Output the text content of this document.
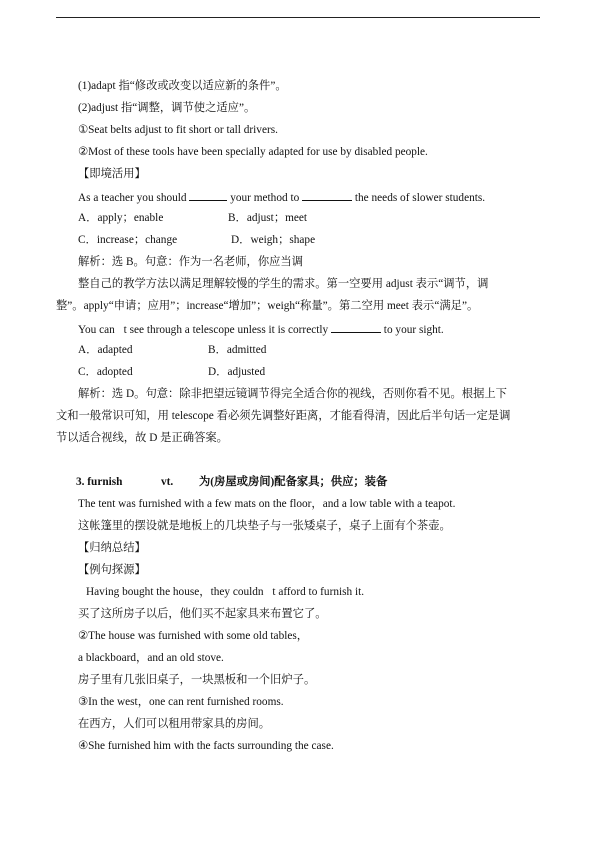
(1)adapt 指“修改或改变以适应新的条件”。
(2)adjust 指“调整，调节使之适应”。
①Seat belts adjust to fit short or tall drivers.
②Most of these tools have been specially adapted for use by disabled people.
【即境活用】
As a teacher you should	your method to	the needs of slower students.
A．apply；enable	B．adjust；meet
C．increase；change	D．weigh；shape
解析：选 B。句意：作为一名老师，你应当调
整自己的教学方法以满足理解较慢的学生的需求。第一空要用 adjust 表示“调节，调
整”。apply“申请；应用”；increase“增加”；weigh“称量”。第二空用 meet 表示“满足”。
You can t see through a telescope unless it is correctly	to your sight.
A．adapted	B．admitted
C．adopted	D．adjusted
解析：选 D。句意：除非把望远镜调节得完全适合你的视线，否则你看不见。根据上下
文和一般常识可知，用 telescope 看必须先调整好距离，才能看得清，因此后半句话一定是调
节以适合视线，故 D 是正确答案。
3. furnish	vt. 为(房屋或房间)配备家具；供应；装备
The tent was furnished with a few mats on the floor，and a low table with a teapot.
这帐篷里的摆设就是地板上的几块垫子与一张矮桌子，桌子上面有个茶壶。
【归纳总结】
【例句探源】
Having bought the house，they couldn t afford to furnish it.
买了这所房子以后，他们买不起家具来布置它了。
②The house was furnished with some old tables，
a blackboard，and an old stove.
房子里有几张旧桌子，一块黑板和一个旧炉子。
③In the west，one can rent furnished rooms.
在西方，人们可以租用带家具的房间。
④She furnished him with the facts surrounding the case.
